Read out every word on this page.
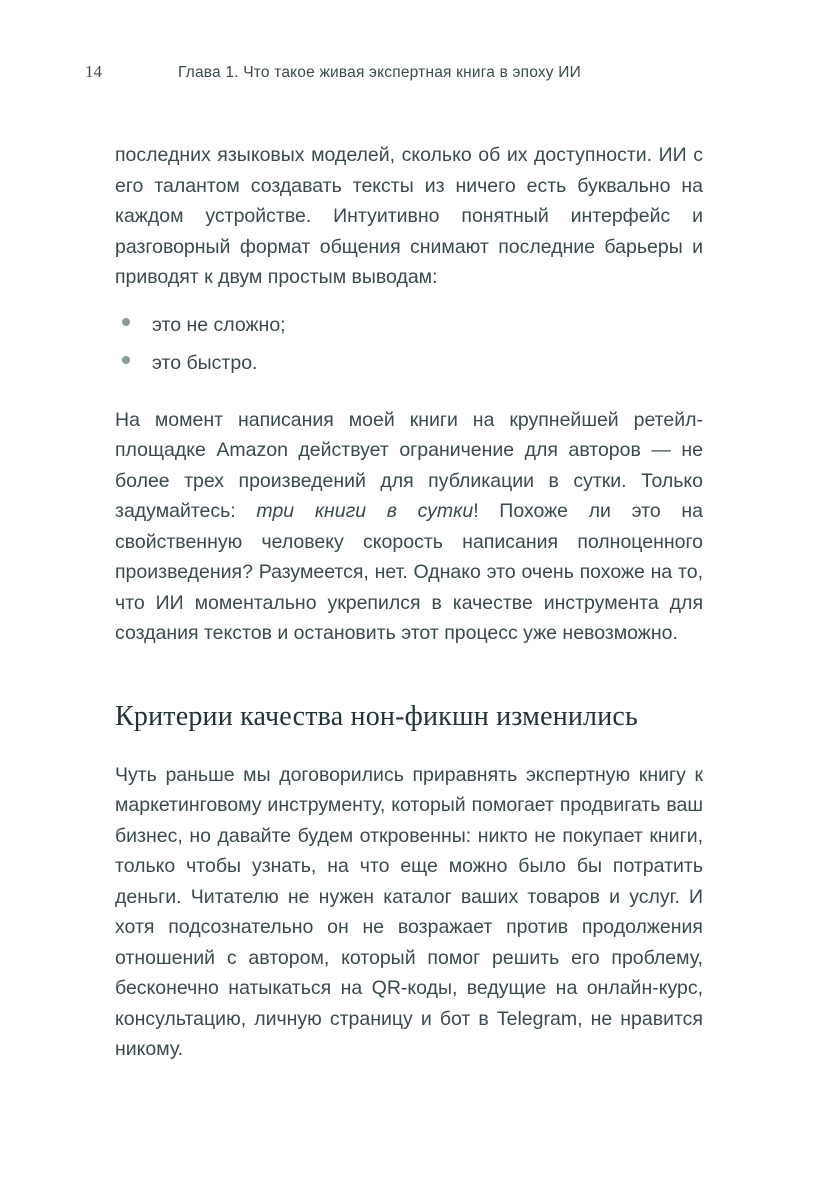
14	Глава 1. Что такое живая экспертная книга в эпоху ИИ

последних языковых моделей, сколько об их доступности. ИИ с его талантом создавать тексты из ничего есть буквально на каждом устройстве. Интуитивно понятный интерфейс и разговорный формат общения снимают последние барьеры и приводят к двум простым выводам:

это не сложно;
это быстро.

На момент написания моей книги на крупнейшей ретейл-площадке Amazon действует ограничение для авторов — не более трех произведений для публикации в сутки. Только задумайтесь: три книги в сутки! Похоже ли это на свойственную человеку скорость написания полноценного произведения? Разумеется, нет. Однако это очень похоже на то, что ИИ моментально укрепился в качестве инструмента для создания текстов и остановить этот процесс уже невозможно.

Критерии качества нон-фикшн изменились

Чуть раньше мы договорились приравнять экспертную книгу к маркетинговому инструменту, который помогает продвигать ваш бизнес, но давайте будем откровенны: никто не покупает книги, только чтобы узнать, на что еще можно было бы потратить деньги. Читателю не нужен каталог ваших товаров и услуг. И хотя подсознательно он не возражает против продолжения отношений с автором, который помог решить его проблему, бесконечно натыкаться на QR-коды, ведущие на онлайн-курс, консультацию, личную страницу и бот в Telegram, не нравится никому.
